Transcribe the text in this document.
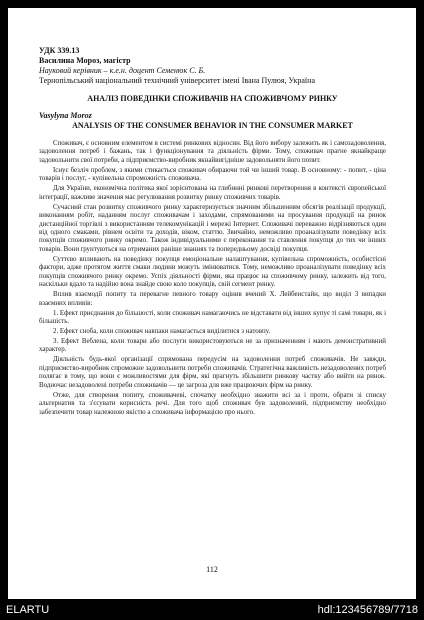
УДК 339.13
Василина Мороз, магістр
Науковий керівник – к.е.н. доцент Семенюк С. Б.
Тернопільський національний технічний університет імені Івана Пулюя, Україна
АНАЛІЗ ПОВЕДІНКИ СПОЖИВАЧІВ НА СПОЖИВЧОМУ РИНКУ
Vasylyna Moroz
ANALYSIS OF THE CONSUMER BEHAVIOR IN THE CONSUMER MARKET

Споживач, є основним елементом в системі ринкових відносин. Від його вибору залежить як і самозадоволення, задоволення потреб і бажань, так і функціонування та діяльність фірми. Тому, споживач прагне якнайкраще задовольнити свої потреби, а підприємство-виробник якнайвигідніше задовольняти його попит.

Існує безліч проблем, з якими стикається споживач обираючи той чи інший товар. В основному: - попит, - ціна товарів і послуг, - купівельна спроможність споживача.

Для України, економічна політика якої зорієнтована на глибинні ринкові перетворення в контексті європейської інтеграції, важливе значення має регулювання розвитку ринку споживчих товарів.

Сучасний стан розвитку споживчого ринку характеризується значним збільшенням обсягів реалізації продукції, виконанням робіт, наданням послуг споживачам і заходами, спрямованими на просування продукції на ринок дистанційної торгівлі з використанням телекомунікацій і мережі Інтернет. Споживачі переважно відрізняються один від одного смаками, рівнем освіти та доходів, віком, статтю. Звичайно, неможливо проаналізувати поведінку всіх покупців споживчого ринку окремо. Також індивідуальними є переконання та ставлення покупця до тих чи інших товарів. Вони ґрунтуються на отриманих раніше знаннях та попередньому досвіді покупця.

Суттєво впливають на поведінку покупця емоціональне налаштування, купівельна спроможність, особистісні фактори, адже протягом життя смаки людини можуть змінюватися. Тому, неможливо проаналізувати поведінку всіх покупців споживчого ринку окремо. Успіх діяльності фірми, яка працює на споживчому ринку, залежить від того, наскільки вдало та надійно вона знайде свою коло покупців, свій сегмент ринку.

Вплив взаємодії попиту та перевагне певного товару оцінив вчений Х. Лейбенстайн, що виділ 3 випадки взаємних впливів:

1. Ефект приєднання до більшості, коли споживач намагаючись не відставати від інших купує ті самі товари, як і більшість.

2. Ефект сноба, коли споживач навпаки намагається виділитися з натовпу.

3. Ефект Веблена, коли товари або послуги використовуються не за призначенням і мають демонстративний характер.

Діяльність будь-якої організації спрямована передусім на задоволення потреб споживачів. Не завжди, підприємство-виробник спроможне задовольнити потреби споживачів. Стратегічна важливість незадоволених потреб полягає в тому, що вони є можливостями для фірм, які прагнуть збільшити ринкову частку або вийти на ринок. Водночас незадоволені потреби споживачів — це загроза для вже працюючих фірм на ринку.

Отже, для створення попиту, споживачеві, спочатку необхідно зважити всі за і проти, обрати зі списку альтернатив та з'єсувати корисність речі. Для того щоб споживач був задоволений, підприємству необхідно забезпечити товар належною якістю а споживача інформацією про нього.

112
ELARTU	hdl:123456789/7718
